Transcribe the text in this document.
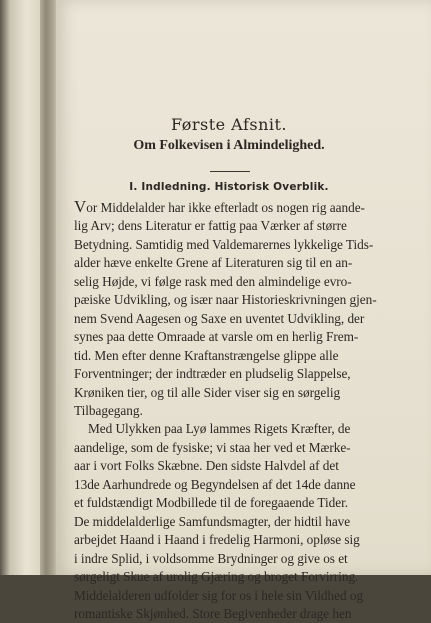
Første Afsnit.
Om Folkevisen i Almindelighed.
I. Indledning. Historisk Overblik.
Vor Middelalder har ikke efterladt os nogen rig aande-
lig Arv; dens Literatur er fattig paa Værker af større
Betydning. Samtidig med Valdemarernes lykkelige Tids-
alder hæve enkelte Grene af Literaturen sig til en an-
selig Højde, vi følge rask med den almindelige evro-
pæiske Udvikling, og især naar Historieskrivningen gjen-
nem Svend Aagesen og Saxe en uventet Udvikling, der
synes paa dette Omraade at varsle om en herlig Frem-
tid. Men efter denne Kraftanstrængelse glippe alle
Forventninger; der indtræder en pludselig Slappelse,
Krøniken tier, og til alle Sider viser sig en sørgelig
Tilbagegang.
Med Ulykken paa Lyø lammes Rigets Kræfter, de
aandelige, som de fysiske; vi staa her ved et Mærke-
aar i vort Folks Skæbne. Den sidste Halvdel af det
13de Aarhundrede og Begyndelsen af det 14de danne
et fuldstændigt Modbillede til de foregaaende Tider.
De middelalderlige Samfundsmagter, der hidtil have
arbejdet Haand i Haand i fredelig Harmoni, opløse sig
i indre Splid, i voldsomme Brydninger og give os et
sørgeligt Skue af urolig Gjæring og broget Forvirring.
Middelalderen udfolder sig for os i hele sin Vildhed og
romantiske Skjønhed. Store Begivenheder drage hen
